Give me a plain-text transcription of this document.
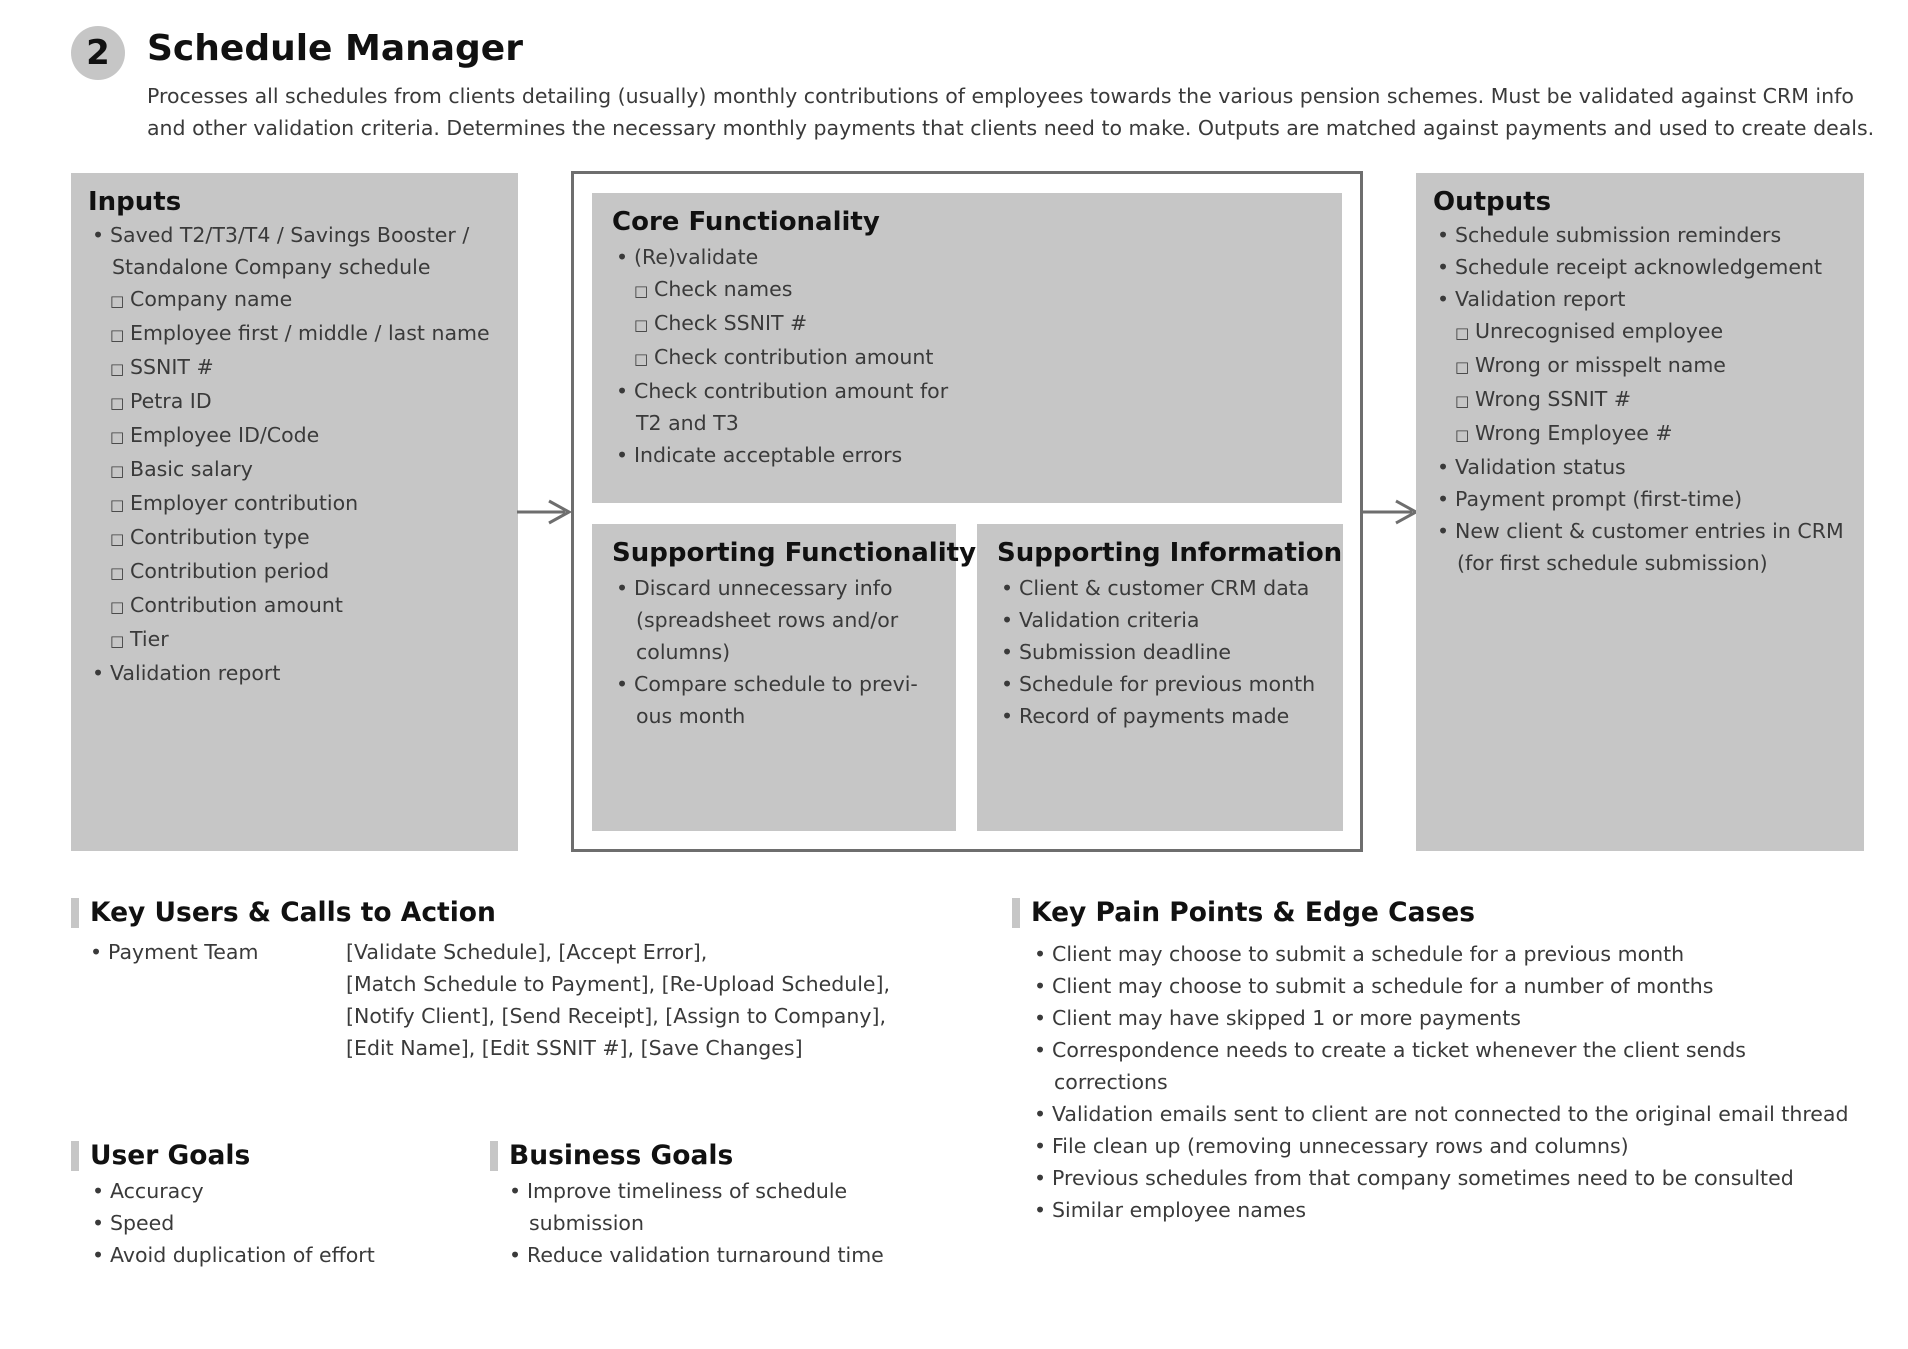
2	Schedule Manager

Processes all schedules from clients detailing (usually) monthly contributions of employees towards the various pension schemes. Must be validated against CRM info
and other validation criteria. Determines the necessary monthly payments that clients need to make. Outputs are matched against payments and used to create deals.

Inputs
• Saved T2/T3/T4 / Savings Booster /
Standalone Company schedule
□ Company name
□ Employee first / middle / last name
□ SSNIT #
□ Petra ID
□ Employee ID/Code
□ Basic salary
□ Employer contribution
□ Contribution type
□ Contribution period
□ Contribution amount
□ Tier
• Validation report
Core Functionality
• (Re)validate
□ Check names
□ Check SSNIT #
□ Check contribution amount
• Check contribution amount for
T2 and T3
• Indicate acceptable errors
Supporting Functionality
• Discard unnecessary info
(spreadsheet rows and/or
columns)
• Compare schedule to previ-
ous month
Supporting Information
• Client & customer CRM data
• Validation criteria
• Submission deadline
• Schedule for previous month
• Record of payments made
Outputs
• Schedule submission reminders
• Schedule receipt acknowledgement
• Validation report
□ Unrecognised employee
□ Wrong or misspelt name
□ Wrong SSNIT #
□ Wrong Employee #
• Validation status
• Payment prompt (first-time)
• New client & customer entries in CRM
(for first schedule submission)
Key Users & Calls to Action
• Payment Team	[Validate Schedule], [Accept Error],
[Match Schedule to Payment], [Re-Upload Schedule],
[Notify Client], [Send Receipt], [Assign to Company],
[Edit Name], [Edit SSNIT #], [Save Changes]
Key Pain Points & Edge Cases
• Client may choose to submit a schedule for a previous month
• Client may choose to submit a schedule for a number of months
• Client may have skipped 1 or more payments
• Correspondence needs to create a ticket whenever the client sends
corrections
• Validation emails sent to client are not connected to the original email thread
• File clean up (removing unnecessary rows and columns)
• Previous schedules from that company sometimes need to be consulted
• Similar employee names
User Goals
• Accuracy
• Speed
• Avoid duplication of effort
Business Goals
• Improve timeliness of schedule
submission
• Reduce validation turnaround time
